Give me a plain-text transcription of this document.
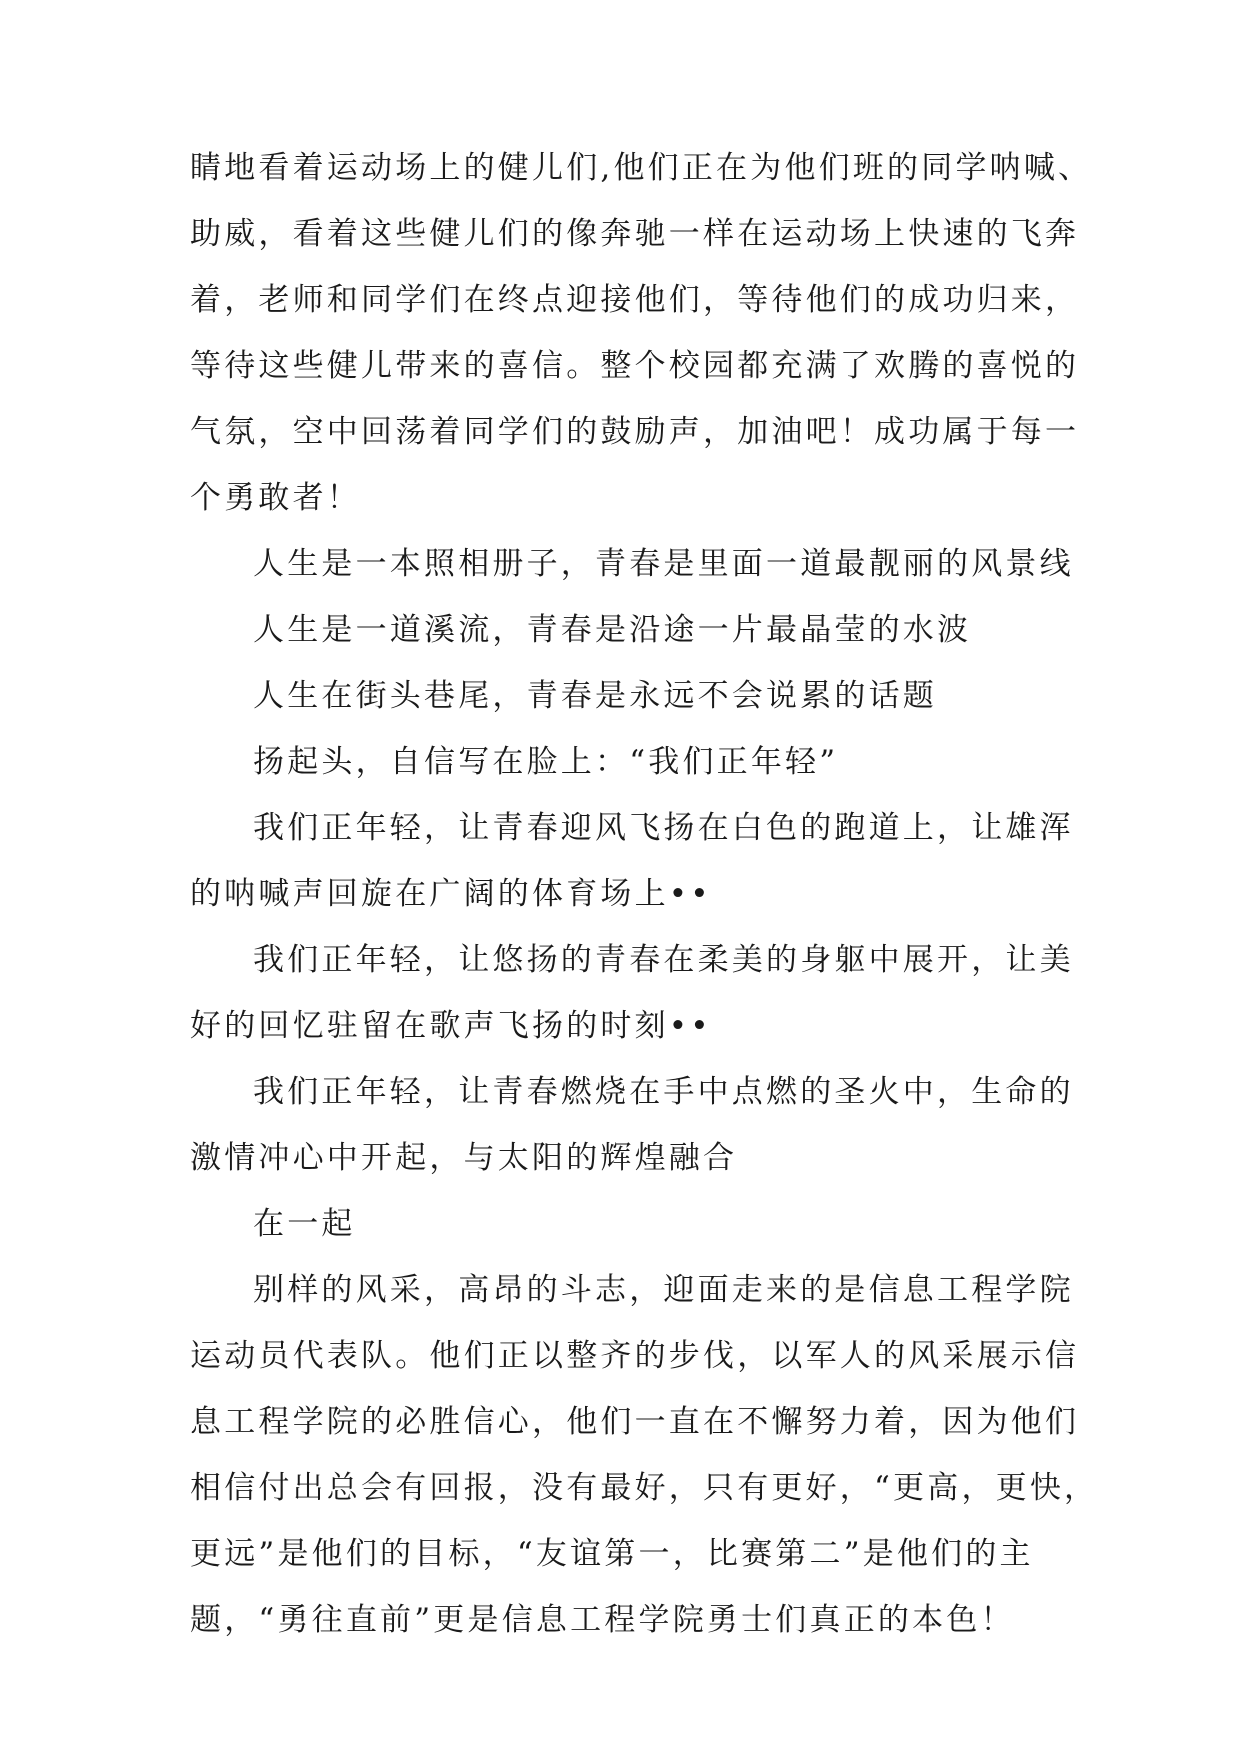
睛地看着运动场上的健儿们,他们正在为他们班的同学呐喊、
助威，看着这些健儿们的像奔驰一样在运动场上快速的飞奔
着，老师和同学们在终点迎接他们，等待他们的成功归来，
等待这些健儿带来的喜信。整个校园都充满了欢腾的喜悦的
气氛，空中回荡着同学们的鼓励声，加油吧！成功属于每一
个勇敢者！
人生是一本照相册子，青春是里面一道最靓丽的风景线
人生是一道溪流，青春是沿途一片最晶莹的水波
人生在街头巷尾，青春是永远不会说累的话题
扬起头，自信写在脸上：“我们正年轻”
我们正年轻，让青春迎风飞扬在白色的跑道上，让雄浑
的呐喊声回旋在广阔的体育场上••
我们正年轻，让悠扬的青春在柔美的身躯中展开，让美
好的回忆驻留在歌声飞扬的时刻••
我们正年轻，让青春燃烧在手中点燃的圣火中，生命的
激情冲心中开起，与太阳的辉煌融合
在一起
别样的风采，高昂的斗志，迎面走来的是信息工程学院
运动员代表队。他们正以整齐的步伐，以军人的风采展示信
息工程学院的必胜信心，他们一直在不懈努力着，因为他们
相信付出总会有回报，没有最好，只有更好，“更高，更快，
更远”是他们的目标，“友谊第一，比赛第二”是他们的主
题，“勇往直前”更是信息工程学院勇士们真正的本色！
